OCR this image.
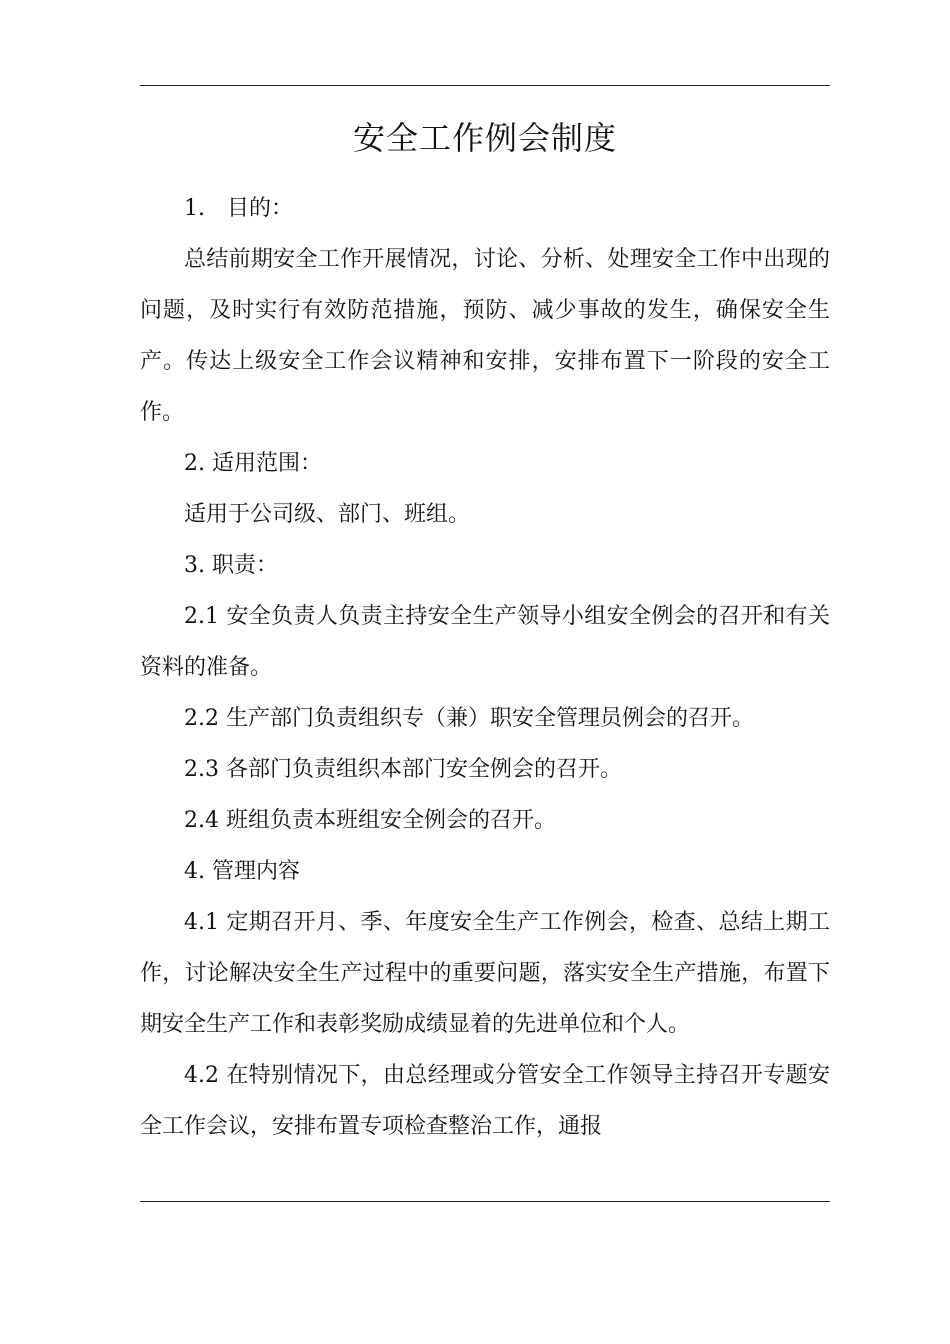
安全工作例会制度

1.　目的：

总结前期安全工作开展情况，讨论、分析、处理安全工作中出现的问题，及时实行有效防范措施，预防、减少事故的发生，确保安全生产。传达上级安全工作会议精神和安排，安排布置下一阶段的安全工作。

2. 适用范围：

适用于公司级、部门、班组。

3. 职责：

2.1 安全负责人负责主持安全生产领导小组安全例会的召开和有关资料的准备。

2.2 生产部门负责组织专（兼）职安全管理员例会的召开。

2.3 各部门负责组织本部门安全例会的召开。

2.4 班组负责本班组安全例会的召开。

4. 管理内容

4.1 定期召开月、季、年度安全生产工作例会，检查、总结上期工作，讨论解决安全生产过程中的重要问题，落实安全生产措施，布置下期安全生产工作和表彰奖励成绩显着的先进单位和个人。

4.2 在特别情况下，由总经理或分管安全工作领导主持召开专题安全工作会议，安排布置专项检查整治工作，通报
